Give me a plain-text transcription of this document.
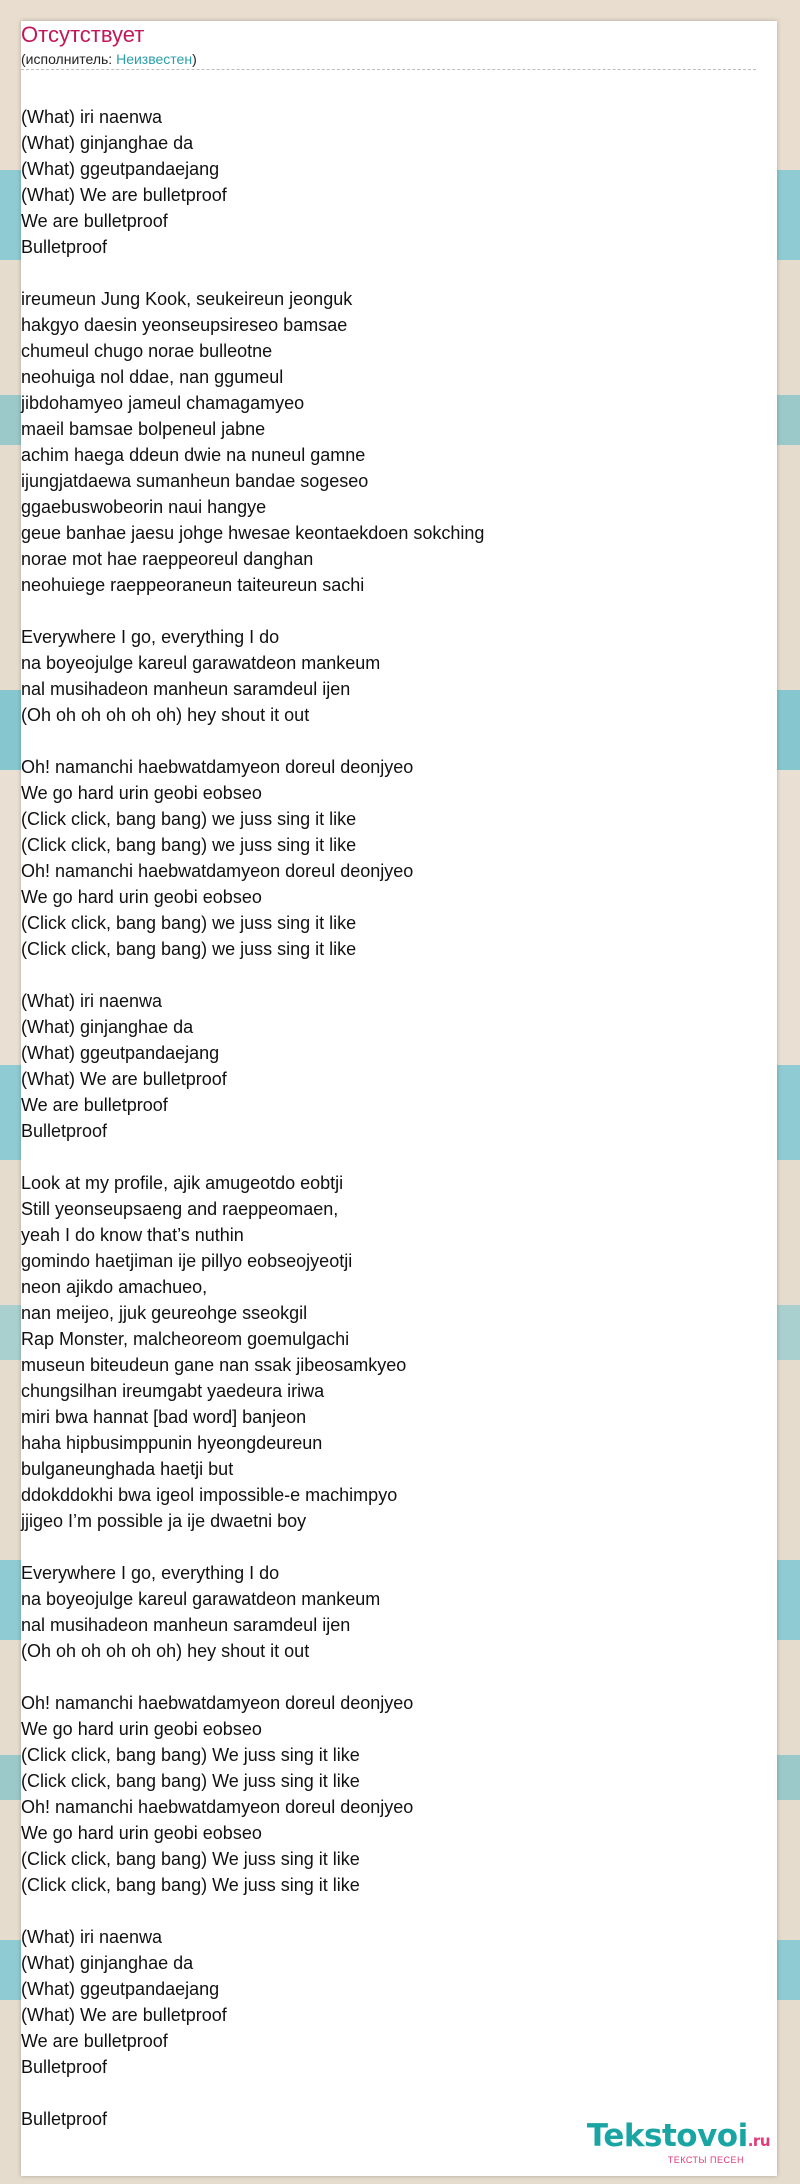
Отсутствует
(исполнитель: Неизвестен)
(What) iri naenwa
(What) ginjanghae da
(What) ggeutpandaejang
(What) We are bulletproof
We are bulletproof
Bulletproof
ireumeun Jung Kook, seukeireun jeonguk
hakgyo daesin yeonseupsireseo bamsae
chumeul chugo norae bulleotne
neohuiga nol ddae, nan ggumeul
jibdohamyeo jameul chamagamyeo
maeil bamsae bolpeneul jabne
achim haega ddeun dwie na nuneul gamne
ijungjatdaewa sumanheun bandae sogeseo
ggaebuswobeorin naui hangye
geue banhae jaesu johge hwesae keontaekdoen sokching
norae mot hae raeppeoreul danghan
neohuiege raeppeoraneun taiteureun sachi
Everywhere I go, everything I do
na boyeojulge kareul garawatdeon mankeum
nal musihadeon manheun saramdeul ijen
(Oh oh oh oh oh oh) hey shout it out
Oh! namanchi haebwatdamyeon doreul deonjyeo
We go hard urin geobi eobseo
(Click click, bang bang) we juss sing it like
(Click click, bang bang) we juss sing it like
Oh! namanchi haebwatdamyeon doreul deonjyeo
We go hard urin geobi eobseo
(Click click, bang bang) we juss sing it like
(Click click, bang bang) we juss sing it like
(What) iri naenwa
(What) ginjanghae da
(What) ggeutpandaejang
(What) We are bulletproof
We are bulletproof
Bulletproof
Look at my profile, ajik amugeotdo eobtji
Still yeonseupsaeng and raeppeomaen,
yeah I do know that’s nuthin
gomindo haetjiman ije pillyo eobseojyeotji
neon ajikdo amachueo,
nan meijeo, jjuk geureohge sseokgil
Rap Monster, malcheoreom goemulgachi
museun biteudeun gane nan ssak jibeosamkyeo
chungsilhan ireumgabt yaedeura iriwa
miri bwa hannat [bad word] banjeon
haha hipbusimppunin hyeongdeureun
bulganeunghada haetji but
ddokddokhi bwa igeol impossible-e machimpyo
jjigeo I’m possible ja ije dwaetni boy
Everywhere I go, everything I do
na boyeojulge kareul garawatdeon mankeum
nal musihadeon manheun saramdeul ijen
(Oh oh oh oh oh oh) hey shout it out
Oh! namanchi haebwatdamyeon doreul deonjyeo
We go hard urin geobi eobseo
(Click click, bang bang) We juss sing it like
(Click click, bang bang) We juss sing it like
Oh! namanchi haebwatdamyeon doreul deonjyeo
We go hard urin geobi eobseo
(Click click, bang bang) We juss sing it like
(Click click, bang bang) We juss sing it like
(What) iri naenwa
(What) ginjanghae da
(What) ggeutpandaejang
(What) We are bulletproof
We are bulletproof
Bulletproof
Bulletproof	Tekstovoi.ru
ТЕКСТЫ ПЕСЕН
